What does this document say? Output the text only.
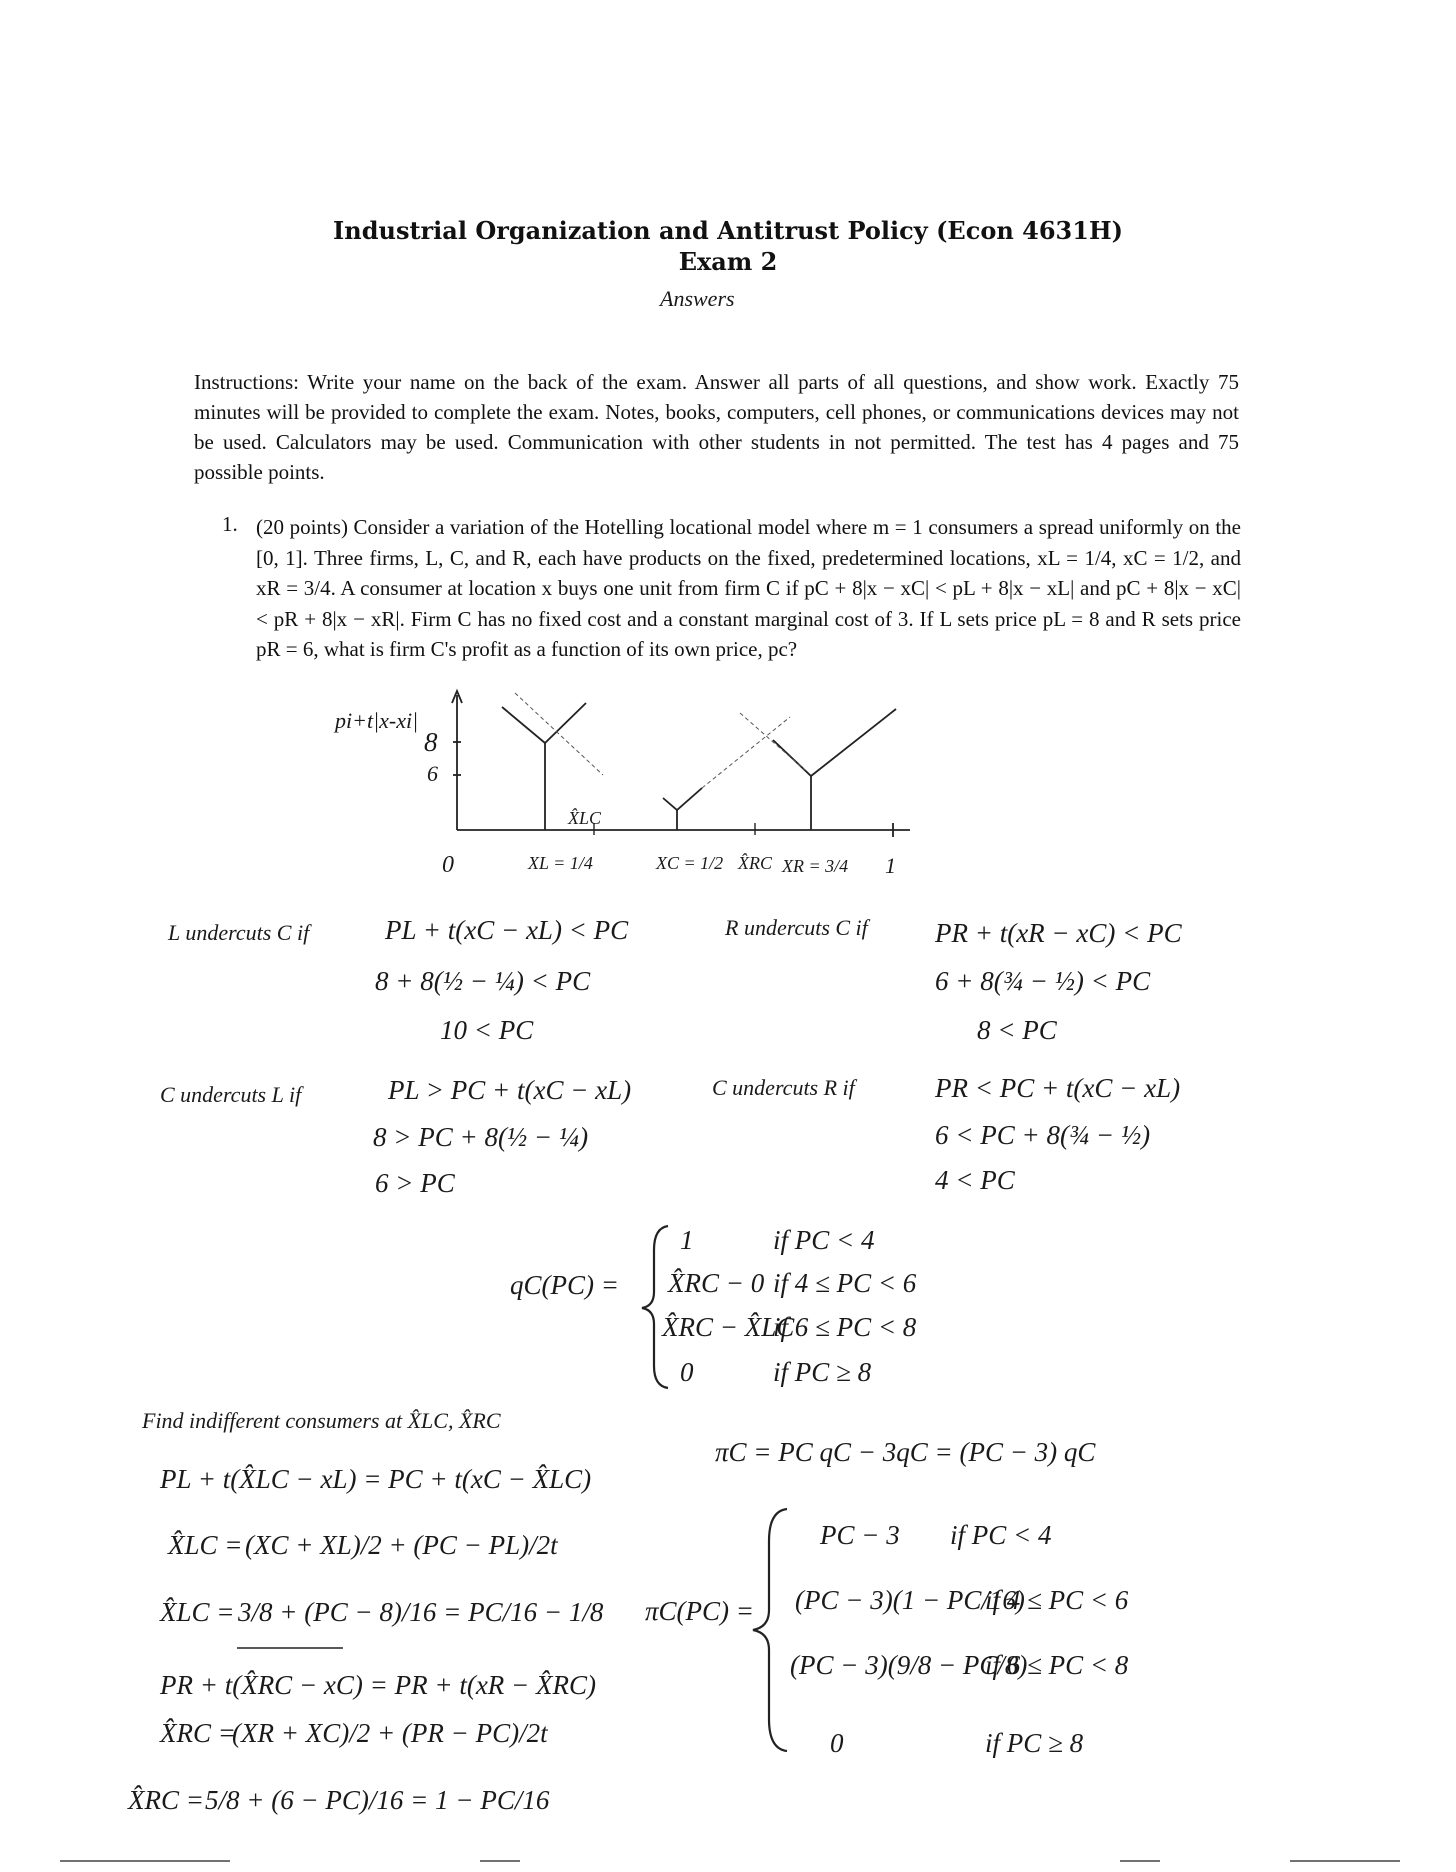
Industrial Organization and Antitrust Policy (Econ 4631H)
Exam 2
Answers
Instructions: Write your name on the back of the exam. Answer all parts of all questions, and show work. Exactly 75 minutes will be provided to complete the exam. Notes, books, computers, cell phones, or communications devices may not be used. Calculators may be used. Communication with other students in not permitted. The test has 4 pages and 75 possible points.
1. (20 points) Consider a variation of the Hotelling locational model where m = 1 consumers a spread uniformly on the [0, 1]. Three firms, L, C, and R, each have products on the fixed, predetermined locations, xL = 1/4, xC = 1/2, and xR = 3/4. A consumer at location x buys one unit from firm C if pC + 8|x − xC| < pL + 8|x − xL| and pC + 8|x − xC| < pR + 8|x − xR|. Firm C has no fixed cost and a constant marginal cost of 3. If L sets price pL = 8 and R sets price pR = 6, what is firm C's profit as a function of its own price, pc?
pi+t|x-xi|
8
6
X̂LC
0	XL = 1/4	XC = 1/2 X̂RC XR = 3/4 1
L undercuts C if	PL + t(xC − xL) < PC
8 + 8(½ − ¼) < PC
10 < PC
R undercuts C if PR + t(xR − xC) < PC
6 + 8(¾ − ½) < PC
8 < PC
C undercuts L if	PL > PC + t(xC − xL)
8 > PC + 8(½ − ¼)
6 > PC
C undercuts R if	PR < PC + t(xC − xL)
6 < PC + 8(¾ − ½)
4 < PC
qC(PC) =
1	if PC < 4
X̂RC − 0 if 4 ≤ PC < 6
X̂RC − X̂LC
if 6 ≤ PC < 8
0	if PC ≥ 8
Find indifferent consumers at X̂LC, X̂RC
PL + t(X̂LC − xL) = PC + t(xC − X̂LC)
X̂LC = (XC + XL)/2 + (PC − PL)/2t
X̂LC = 3/8 + (PC − 8)/16 = PC/16 − 1/8
PR + t(X̂RC − xC) = PR + t(xR − X̂RC)
X̂RC =
(XR + XC)/2 + (PR − PC)/2t
X̂RC = 5/8 + (6 − PC)/16 = 1 − PC/16
πC = PC qC − 3qC = (PC − 3) qC
πC(PC) =
PC − 3 if PC < 4
(PC − 3)(1 − PC/16)
if 4 ≤ PC < 6
(PC − 3)(9/8 − PC/8)
if 6 ≤ PC < 8
0	if PC ≥ 8
